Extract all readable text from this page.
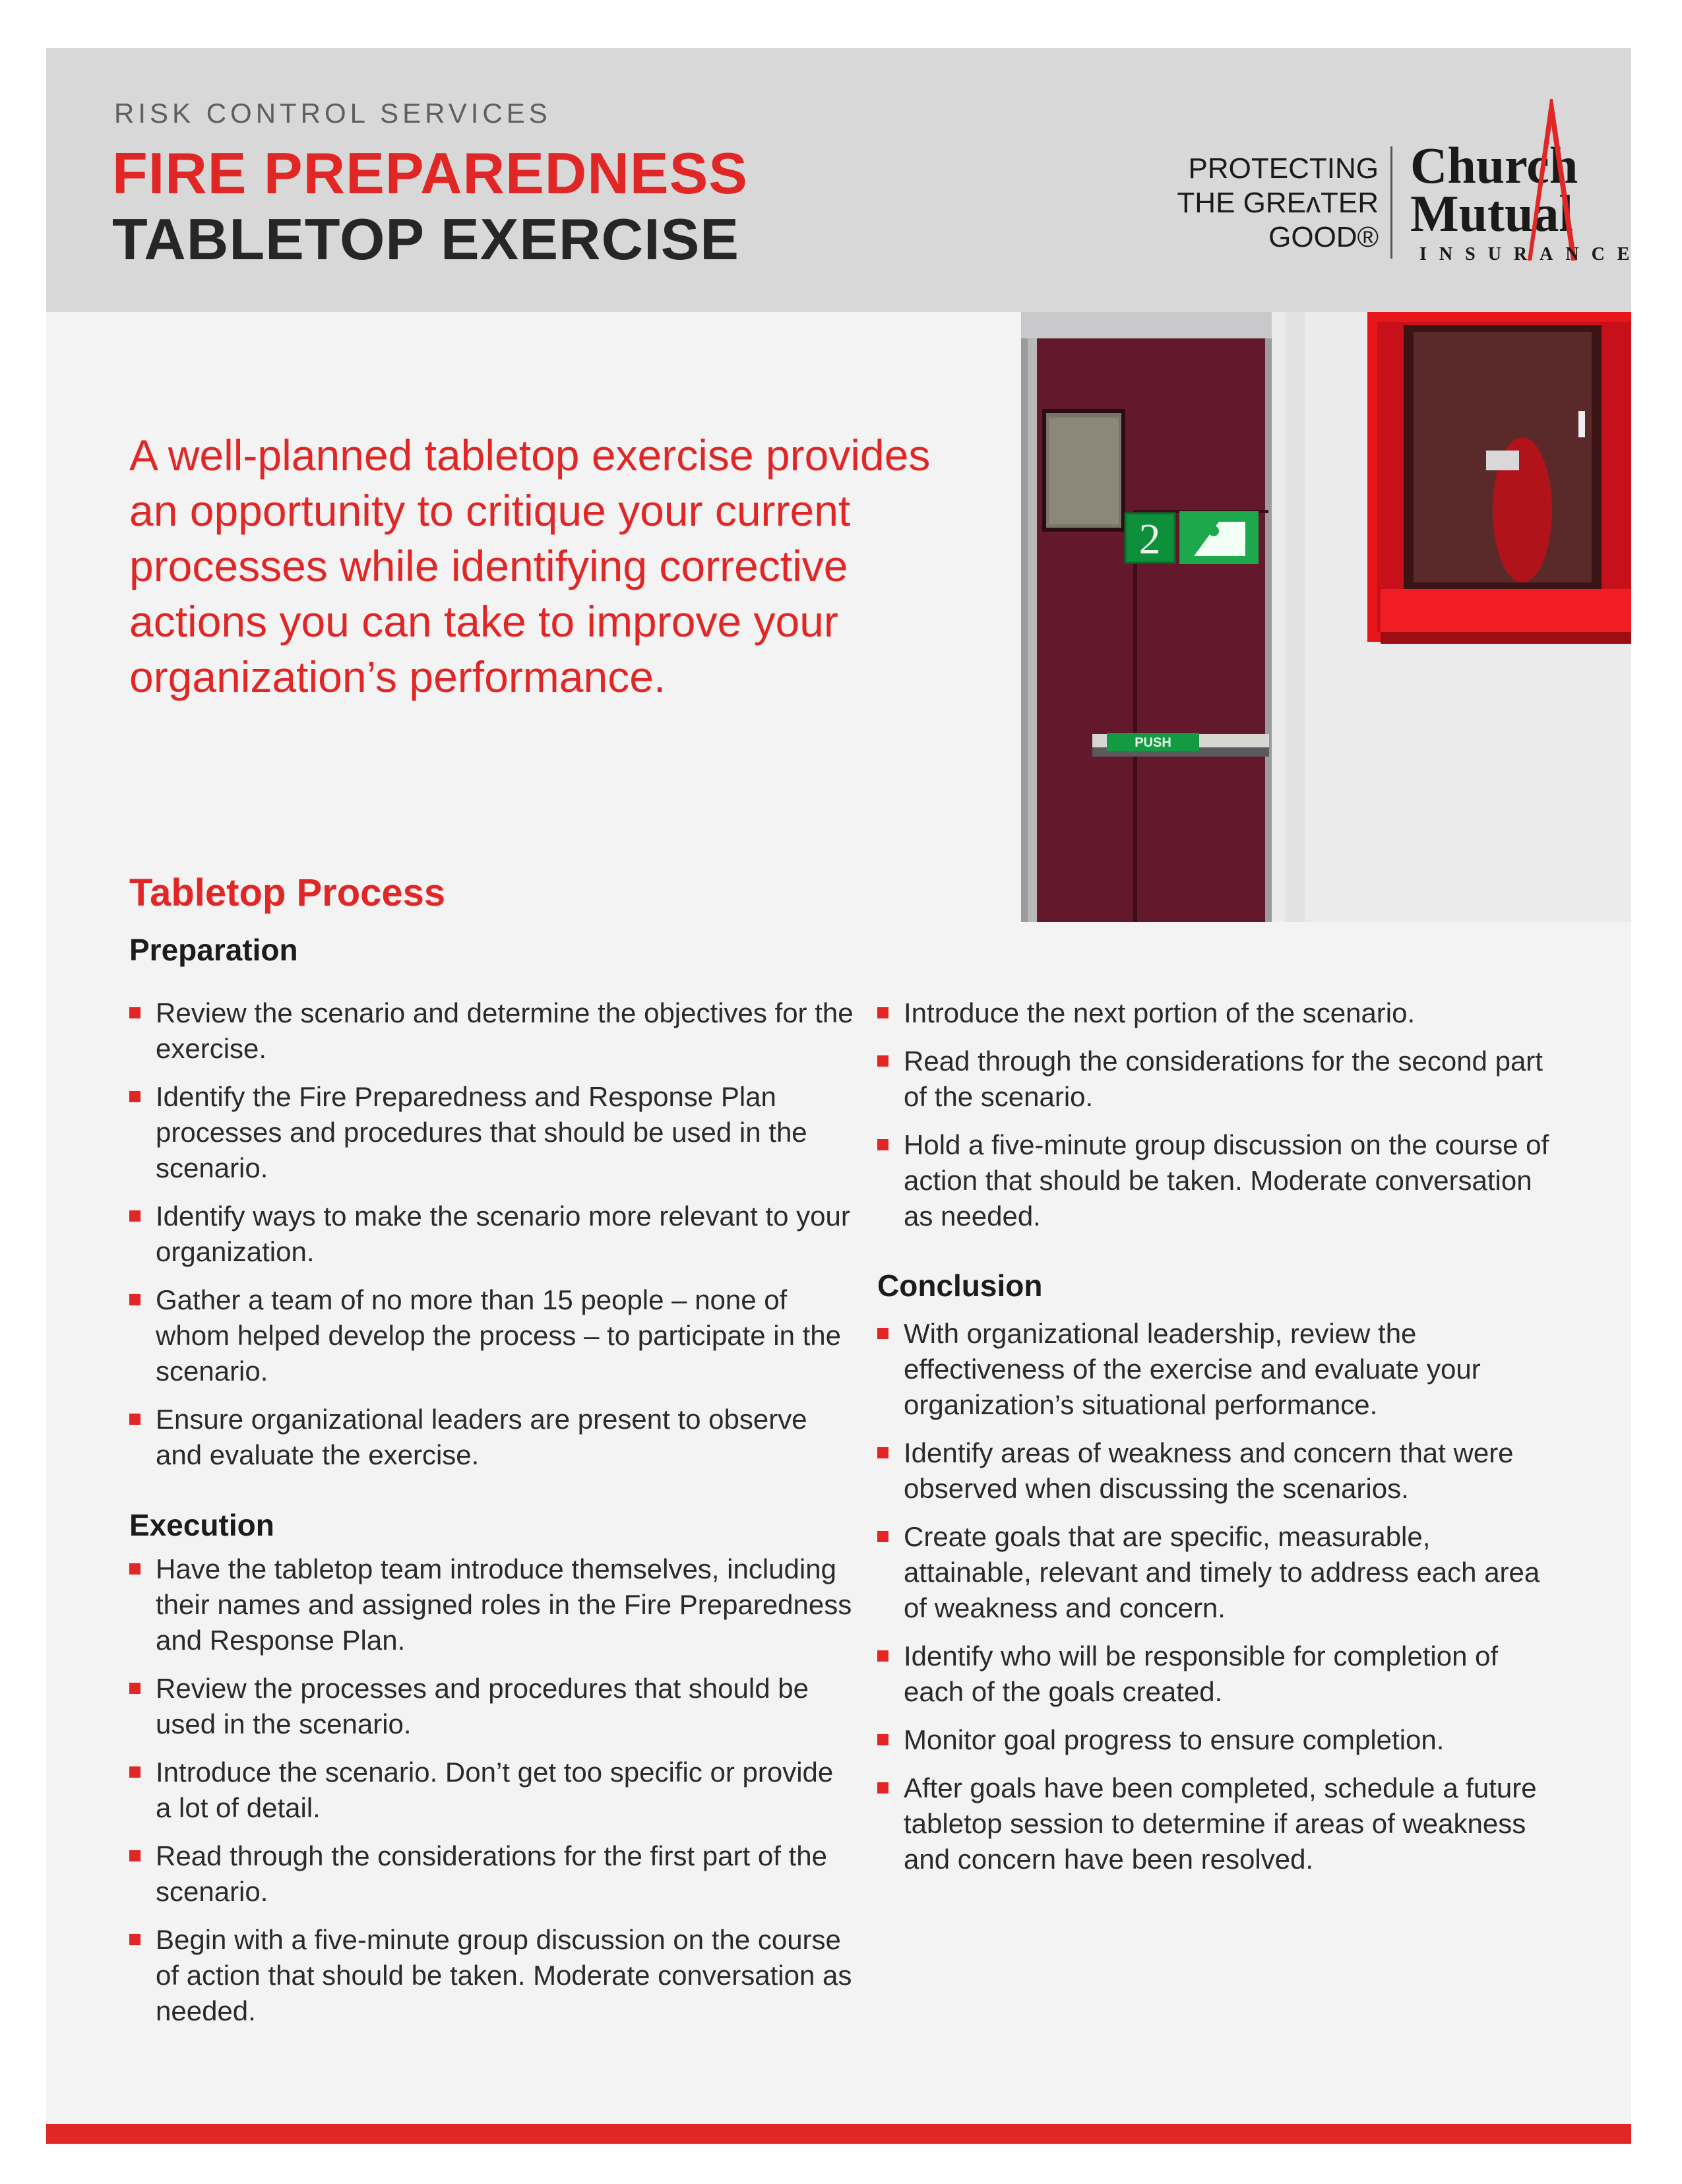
RISK CONTROL SERVICES
FIRE PREPAREDNESS
TABLETOP EXERCISE
PROTECTING
THE GREʌTER
GOOD®
Church
Mutual
INSURANCE
2
PUSH
A well-planned tabletop exercise provides an opportunity to critique your current processes while identifying corrective actions you can take to improve your organization’s performance.
Tabletop Process
Preparation
Review the scenario and determine the objectives for the exercise.
Identify the Fire Preparedness and Response Plan processes and procedures that should be used in the scenario.
Identify ways to make the scenario more relevant to your organization.
Gather a team of no more than 15 people – none of whom helped develop the process – to participate in the scenario.
Ensure organizational leaders are present to observe and evaluate the exercise.
Execution
Have the tabletop team introduce themselves, including their names and assigned roles in the Fire Preparedness and Response Plan.
Review the processes and procedures that should be used in the scenario.
Introduce the scenario. Don’t get too specific or provide a lot of detail.
Read through the considerations for the first part of the scenario.
Begin with a five-minute group discussion on the course of action that should be taken. Moderate conversation as needed.
Introduce the next portion of the scenario.
Read through the considerations for the second part of the scenario.
Hold a five-minute group discussion on the course of action that should be taken. Moderate conversation as needed.
Conclusion
With organizational leadership, review the effectiveness of the exercise and evaluate your organization’s situational performance.
Identify areas of weakness and concern that were observed when discussing the scenarios.
Create goals that are specific, measurable, attainable, relevant and timely to address each area of weakness and concern.
Identify who will be responsible for completion of each of the goals created.
Monitor goal progress to ensure completion.
After goals have been completed, schedule a future tabletop session to determine if areas of weakness and concern have been resolved.
